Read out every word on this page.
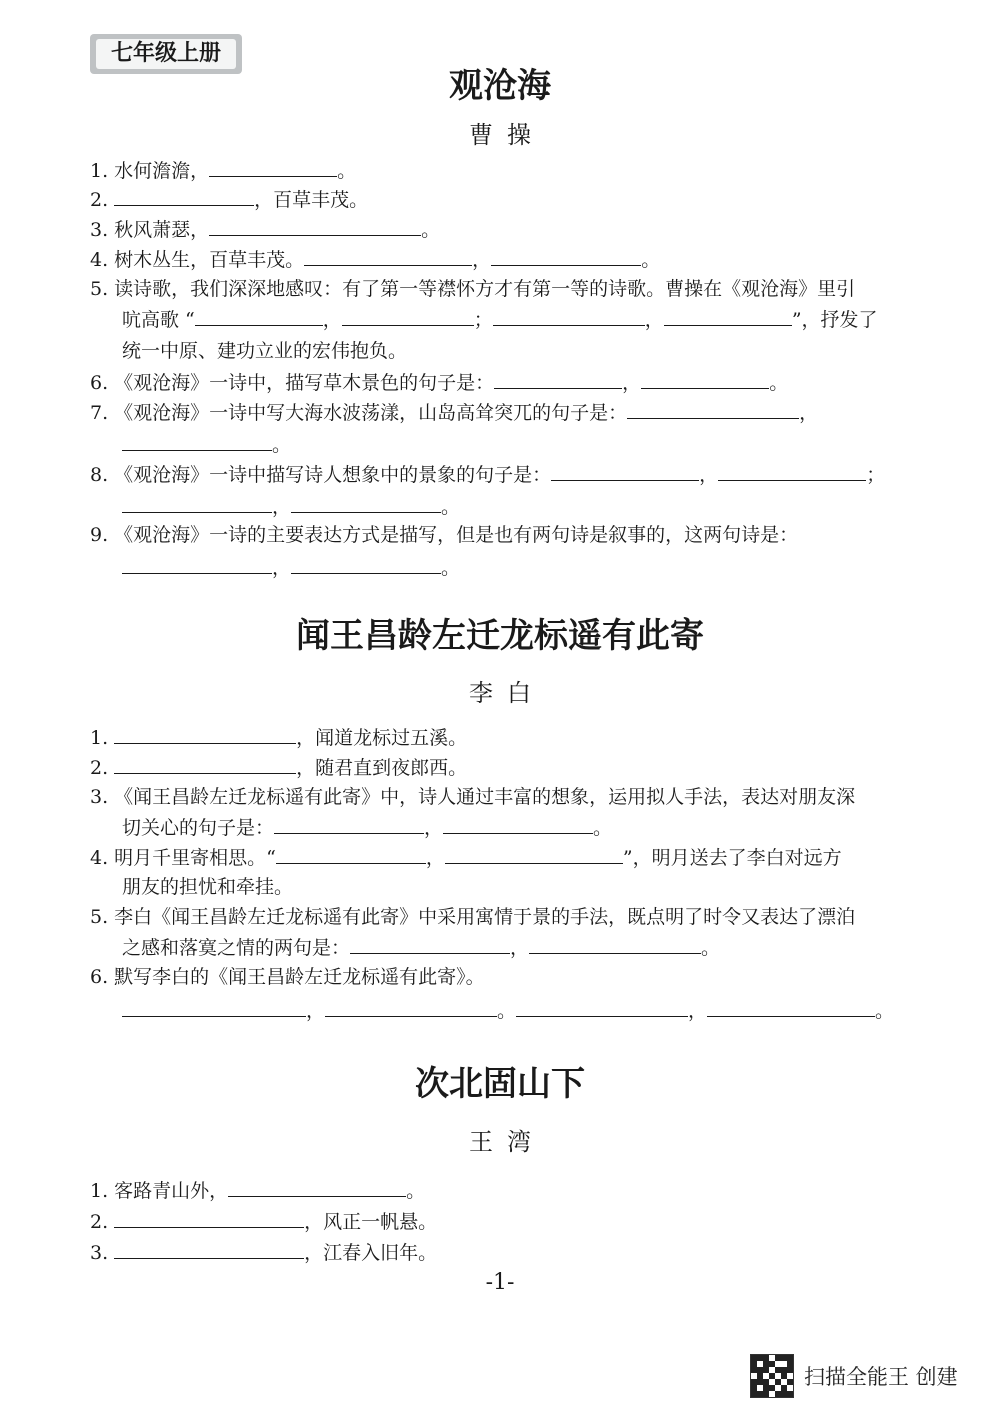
七年级上册
观沧海
曹操
1. 水何澹澹，	。
2.	，百草丰茂。
3. 秋风萧瑟，	。
4. 树木丛生，百草丰茂。	，	。
5. 读诗歌，我们深深地感叹：有了第一等襟怀方才有第一等的诗歌。曹操在《观沧海》里引
吭高歌 “	，	；	，	”，抒发了
统一中原、建功立业的宏伟抱负。
6. 《观沧海》一诗中，描写草木景色的句子是：	，	。
7. 《观沧海》一诗中写大海水波荡漾，山岛高耸突兀的句子是：	，
。
8. 《观沧海》一诗中描写诗人想象中的景象的句子是：	，	；
，	。
9. 《观沧海》一诗的主要表达方式是描写，但是也有两句诗是叙事的，这两句诗是：
，	。
闻王昌龄左迁龙标遥有此寄
李白
1.	，闻道龙标过五溪。
2.	，随君直到夜郎西。
3. 《闻王昌龄左迁龙标遥有此寄》中，诗人通过丰富的想象，运用拟人手法，表达对朋友深
切关心的句子是：	，	。
4. 明月千里寄相思。“	，	”，明月送去了李白对远方
朋友的担忧和牵挂。
5. 李白《闻王昌龄左迁龙标遥有此寄》中采用寓情于景的手法，既点明了时令又表达了漂泊
之感和落寞之情的两句是：	，	。
6. 默写李白的《闻王昌龄左迁龙标遥有此寄》。
，	。	，	。
次北固山下
王湾
1. 客路青山外，	。
2.	，风正一帆悬。
3.	，江春入旧年。
-1-
扫描全能王 创建
